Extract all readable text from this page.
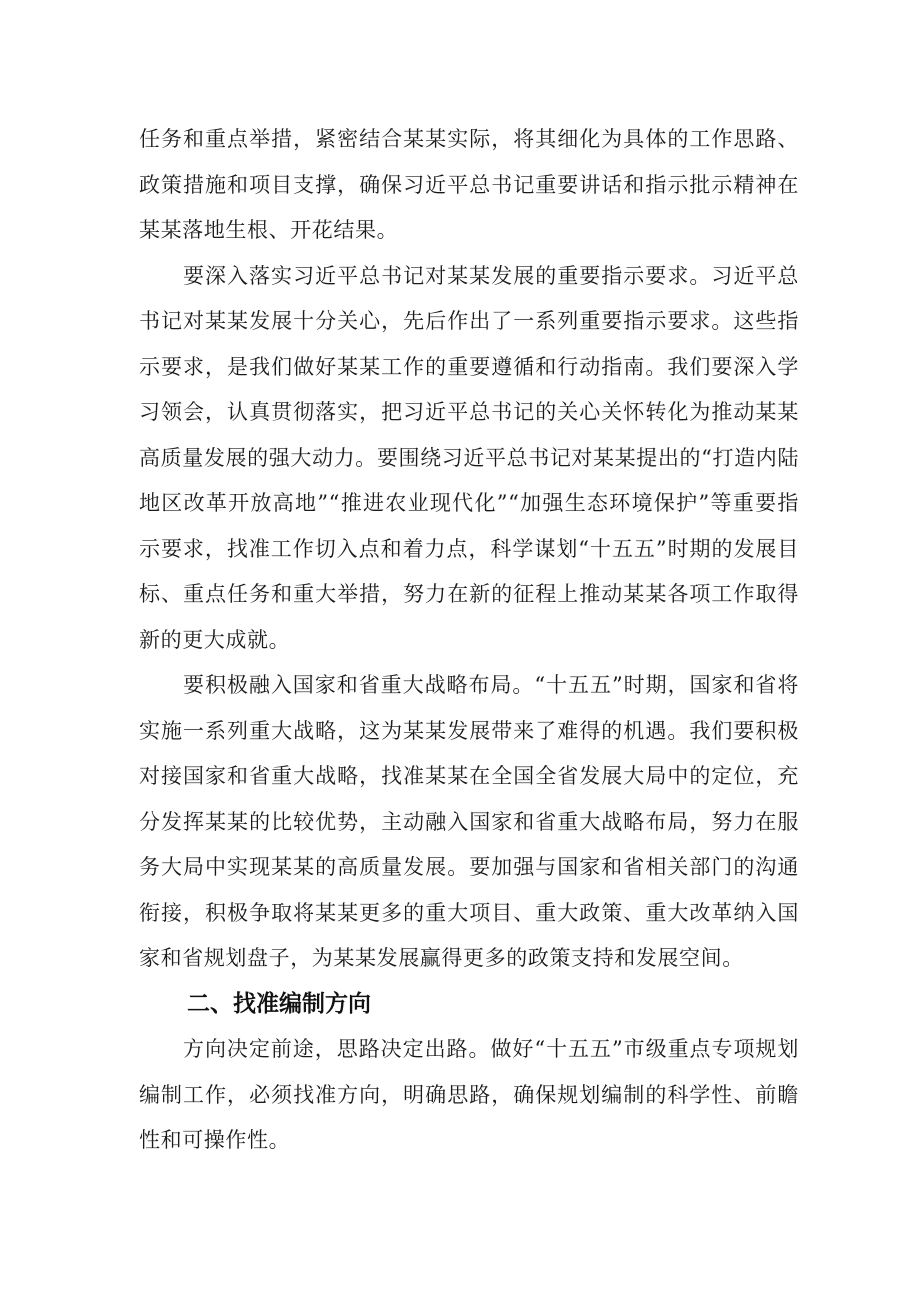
任务和重点举措，紧密结合某某实际，将其细化为具体的工作思路、政策措施和项目支撑，确保习近平总书记重要讲话和指示批示精神在某某落地生根、开花结果。

要深入落实习近平总书记对某某发展的重要指示要求。习近平总书记对某某发展十分关心，先后作出了一系列重要指示要求。这些指示要求，是我们做好某某工作的重要遵循和行动指南。我们要深入学习领会，认真贯彻落实，把习近平总书记的关心关怀转化为推动某某高质量发展的强大动力。要围绕习近平总书记对某某提出的“打造内陆地区改革开放高地”“推进农业现代化”“加强生态环境保护”等重要指示要求，找准工作切入点和着力点，科学谋划“十五五”时期的发展目标、重点任务和重大举措，努力在新的征程上推动某某各项工作取得新的更大成就。

要积极融入国家和省重大战略布局。“十五五”时期，国家和省将实施一系列重大战略，这为某某发展带来了难得的机遇。我们要积极对接国家和省重大战略，找准某某在全国全省发展大局中的定位，充分发挥某某的比较优势，主动融入国家和省重大战略布局，努力在服务大局中实现某某的高质量发展。要加强与国家和省相关部门的沟通衔接，积极争取将某某更多的重大项目、重大政策、重大改革纳入国家和省规划盘子，为某某发展赢得更多的政策支持和发展空间。

二、找准编制方向

方向决定前途，思路决定出路。做好“十五五”市级重点专项规划编制工作，必须找准方向，明确思路，确保规划编制的科学性、前瞻性和可操作性。
